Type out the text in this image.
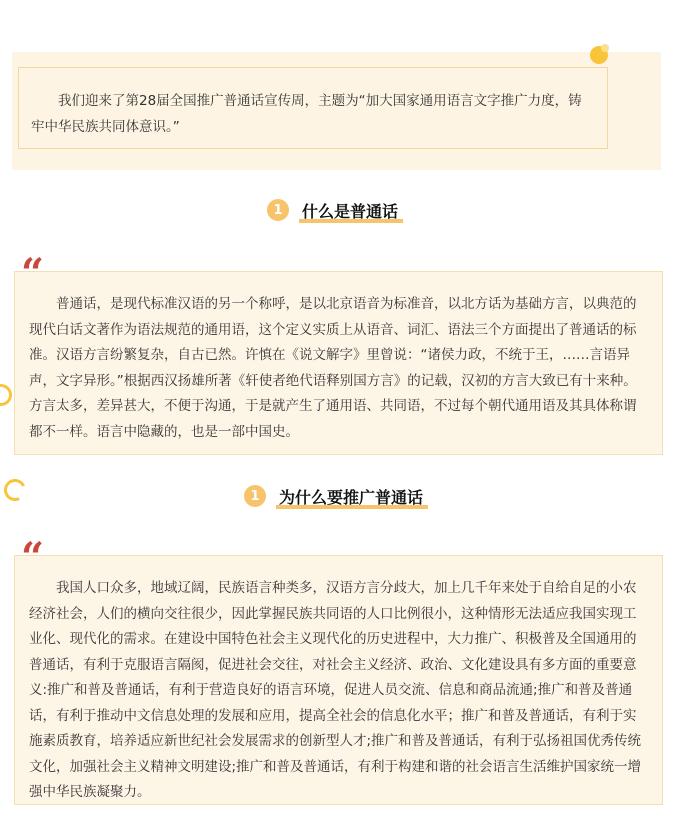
我们迎来了第28届全国推广普通话宣传周，主题为“加大国家通用语言文字推广力度，铸牢中华民族共同体意识。”
1	什么是普通话
普通话，是现代标准汉语的另一个称呼，是以北京语音为标准音，以北方话为基础方言，以典范的现代白话文著作为语法规范的通用语，这个定义实质上从语音、词汇、语法三个方面提出了普通话的标准。汉语方言纷繁复杂，自古已然。许慎在《说文解字》里曾说：“诸侯力政，不统于王，……言语异声，文字异形。”根据西汉扬雄所著《轩使者绝代语释别国方言》的记载，汉初的方言大致已有十来种。方言太多，差异甚大，不便于沟通，于是就产生了通用语、共同语，不过每个朝代通用语及其具体称谓都不一样。语言中隐藏的，也是一部中国史。
1	为什么要推广普通话
我国人口众多，地域辽阔，民族语言种类多，汉语方言分歧大，加上几千年来处于自给自足的小农经济社会，人们的横向交往很少，因此掌握民族共同语的人口比例很小，这种情形无法适应我国实现工业化、现代化的需求。在建设中国特色社会主义现代化的历史进程中，大力推广、积极普及全国通用的普通话，有利于克服语言隔阂，促进社会交往，对社会主义经济、政治、文化建设具有多方面的重要意义:推广和普及普通话，有利于营造良好的语言环境，促进人员交流、信息和商品流通;推广和普及普通话，有利于推动中文信息处理的发展和应用，提高全社会的信息化水平；推广和普及普通话，有利于实施素质教育，培养适应新世纪社会发展需求的创新型人才;推广和普及普通话，有利于弘扬祖国优秀传统文化，加强社会主义精神文明建设;推广和普及普通话，有利于构建和谐的社会语言生活维护国家统一增强中华民族凝聚力。
